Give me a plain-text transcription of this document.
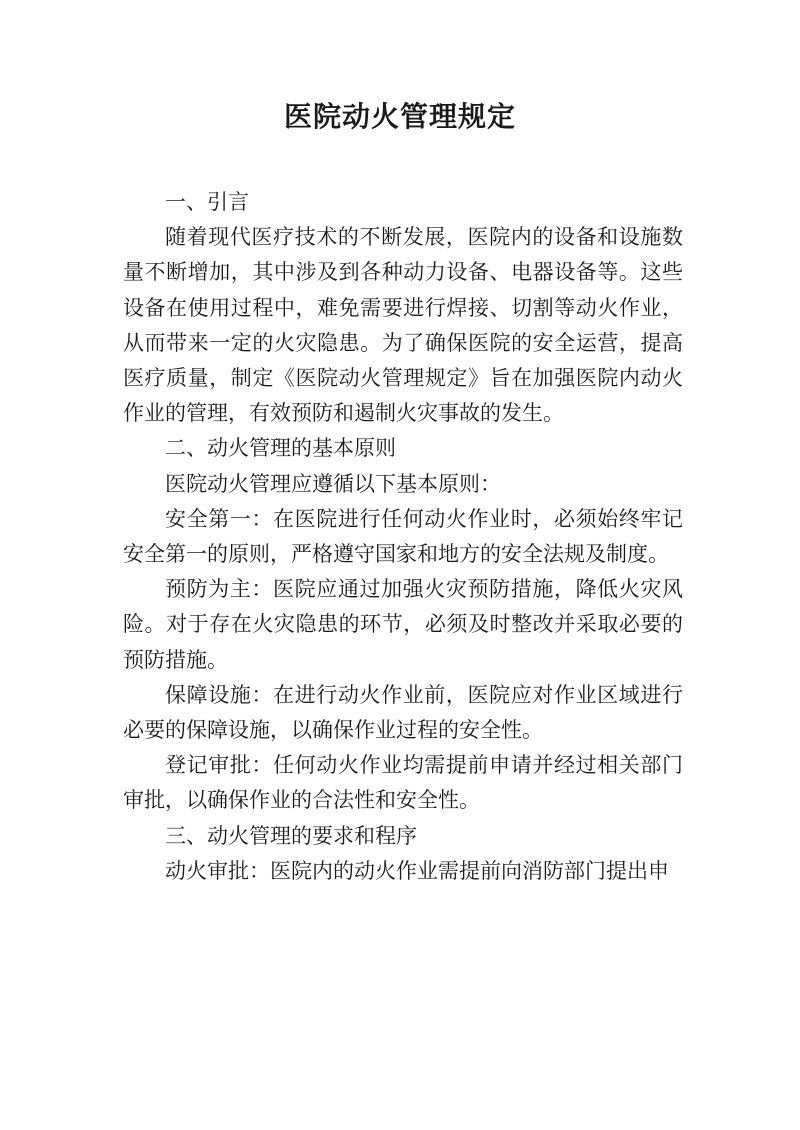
医院动火管理规定

一、引言

随着现代医疗技术的不断发展，医院内的设备和设施数量不断增加，其中涉及到各种动力设备、电器设备等。这些设备在使用过程中，难免需要进行焊接、切割等动火作业，从而带来一定的火灾隐患。为了确保医院的安全运营，提高医疗质量，制定《医院动火管理规定》旨在加强医院内动火作业的管理，有效预防和遏制火灾事故的发生。

二、动火管理的基本原则

医院动火管理应遵循以下基本原则：

安全第一：在医院进行任何动火作业时，必须始终牢记安全第一的原则，严格遵守国家和地方的安全法规及制度。

预防为主：医院应通过加强火灾预防措施，降低火灾风险。对于存在火灾隐患的环节，必须及时整改并采取必要的预防措施。

保障设施：在进行动火作业前，医院应对作业区域进行必要的保障设施，以确保作业过程的安全性。

登记审批：任何动火作业均需提前申请并经过相关部门审批，以确保作业的合法性和安全性。

三、动火管理的要求和程序

动火审批：医院内的动火作业需提前向消防部门提出申
